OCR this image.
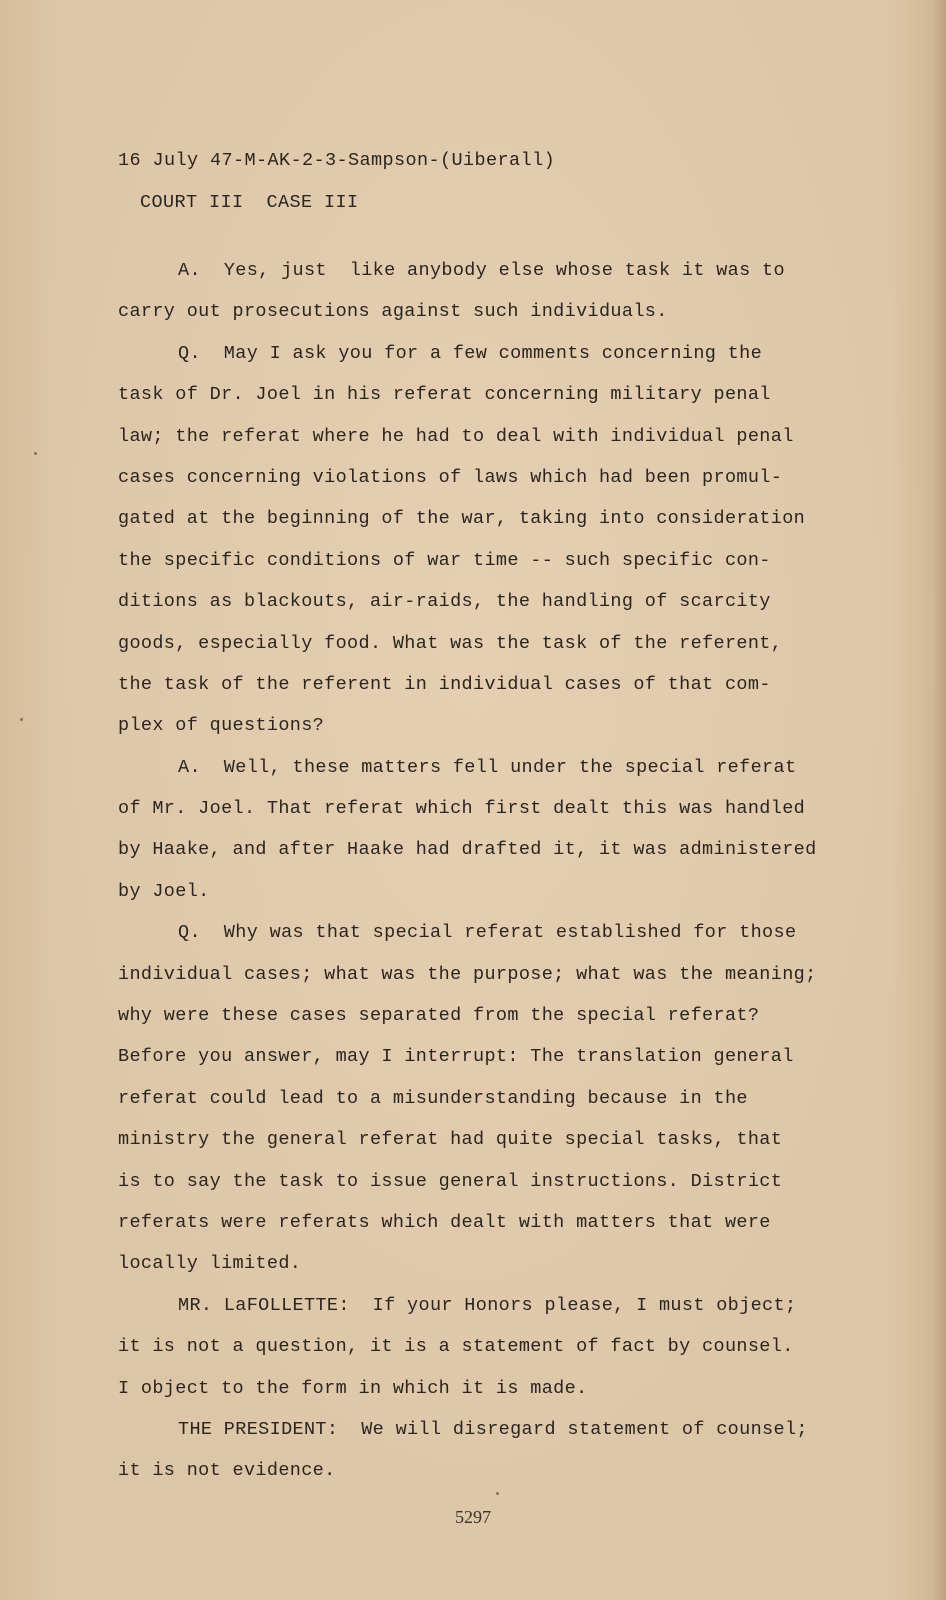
16 July 47-M-AK-2-3-Sampson-(Uiberall)
COURT III  CASE III
A.  Yes, just  like anybody else whose task it was to
carry out prosecutions against such individuals.
Q.  May I ask you for a few comments concerning the
task of Dr. Joel in his referat concerning military penal
law; the referat where he had to deal with individual penal
cases concerning violations of laws which had been promul-
gated at the beginning of the war, taking into consideration
the specific conditions of war time -- such specific con-
ditions as blackouts, air-raids, the handling of scarcity
goods, especially food. What was the task of the referent,
the task of the referent in individual cases of that com-
plex of questions?
A.  Well, these matters fell under the special referat
of Mr. Joel. That referat which first dealt this was handled
by Haake, and after Haake had drafted it, it was administered
by Joel.
Q.  Why was that special referat established for those
individual cases; what was the purpose; what was the meaning;
why were these cases separated from the special referat?
Before you answer, may I interrupt: The translation general
referat could lead to a misunderstanding because in the
ministry the general referat had quite special tasks, that
is to say the task to issue general instructions. District
referats were referats which dealt with matters that were
locally limited.
MR. LaFOLLETTE:  If your Honors please, I must object;
it is not a question, it is a statement of fact by counsel.
I object to the form in which it is made.
THE PRESIDENT:  We will disregard statement of counsel;
it is not evidence.
5297
